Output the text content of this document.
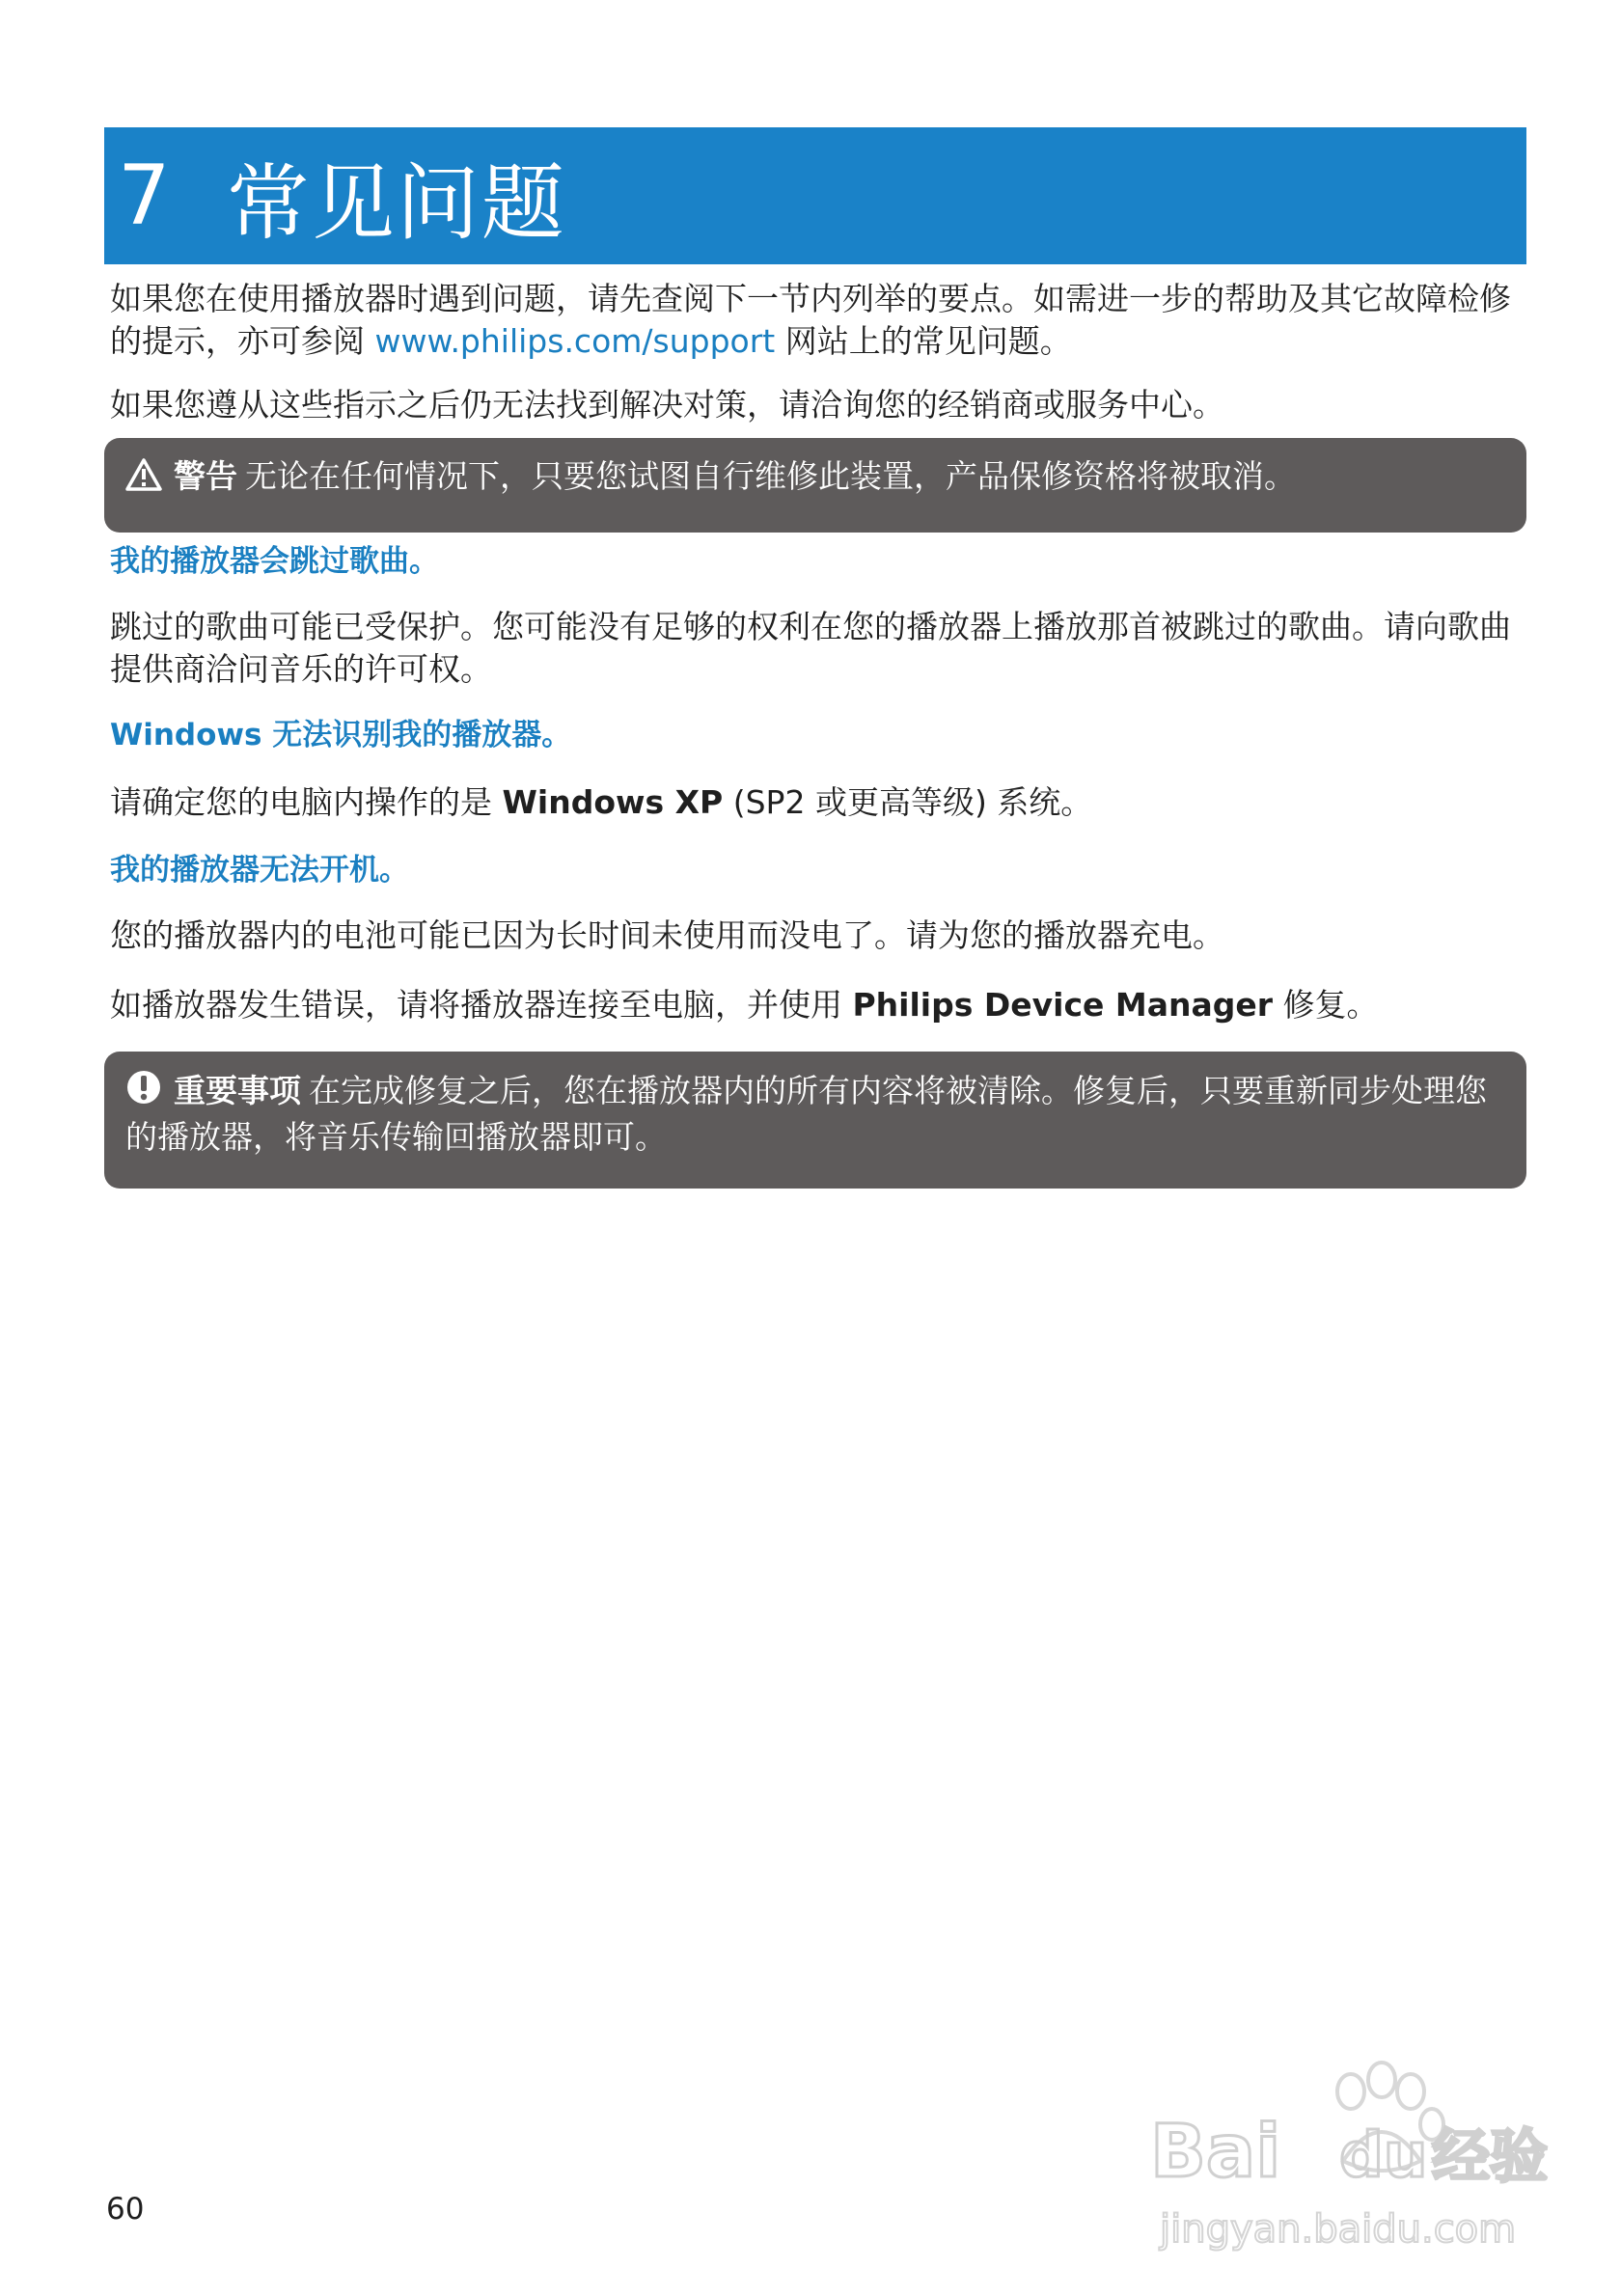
7 常见问题

如果您在使用播放器时遇到问题，请先查阅下一节内列举的要点。如需进一步的帮助及其它故障检修的提示，亦可参阅 www.philips.com/support 网站上的常见问题。

如果您遵从这些指示之后仍无法找到解决对策，请洽询您的经销商或服务中心。

警告 无论在任何情况下，只要您试图自行维修此装置，产品保修资格将被取消。

我的播放器会跳过歌曲。

跳过的歌曲可能已受保护。您可能没有足够的权利在您的播放器上播放那首被跳过的歌曲。请向歌曲提供商洽问音乐的许可权。

Windows 无法识别我的播放器。

请确定您的电脑内操作的是 Windows XP (SP2 或更高等级) 系统。

我的播放器无法开机。

您的播放器内的电池可能已因为长时间未使用而没电了。请为您的播放器充电。

如播放器发生错误，请将播放器连接至电脑，并使用 Philips Device Manager 修复。

重要事项 在完成修复之后，您在播放器内的所有内容将被清除。修复后，只要重新同步处理您的播放器，将音乐传输回播放器即可。
60
Bai du 经验
jingyan.baidu.com
